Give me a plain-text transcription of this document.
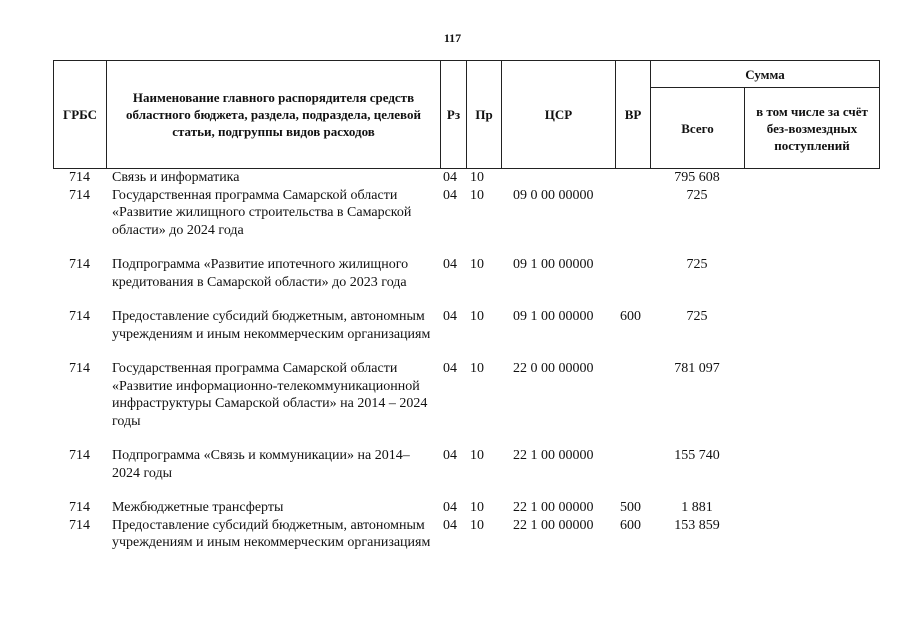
117
ГРБС	Наименование главного распорядителя средств областного бюджета, раздела, подраздела, целевой статьи, подгруппы видов расходов	Рз	Пр	ЦСР	ВР	Сумма	
						Всего	в том числе за счёт без-возмездных поступлений
714	Связь и информатика	04	10			795 608	
714	Государственная программа Самарской области «Развитие жилищного строительства в Самарской области» до 2024 года	04	10	09 0 00 00000		725	
714	Подпрограмма «Развитие ипотечного жилищного кредитования в Самарской области» до 2023 года	04	10	09 1 00 00000		725	
714	Предоставление субсидий бюджетным, автономным учреждениям и иным некоммерческим организациям	04	10	09 1 00 00000	600	725	
714	Государственная программа Самарской области «Развитие информационно-телекоммуникационной инфраструктуры Самарской области» на 2014 – 2024 годы	04	10	22 0 00 00000		781 097	
714	Подпрограмма «Связь и коммуникации» на 2014–2024 годы	04	10	22 1 00 00000		155 740	
714	Межбюджетные трансферты	04	10	22 1 00 00000	500	1 881	
714	Предоставление субсидий бюджетным, автономным учреждениям и иным некоммерческим организациям	04	10	22 1 00 00000	600	153 859	
